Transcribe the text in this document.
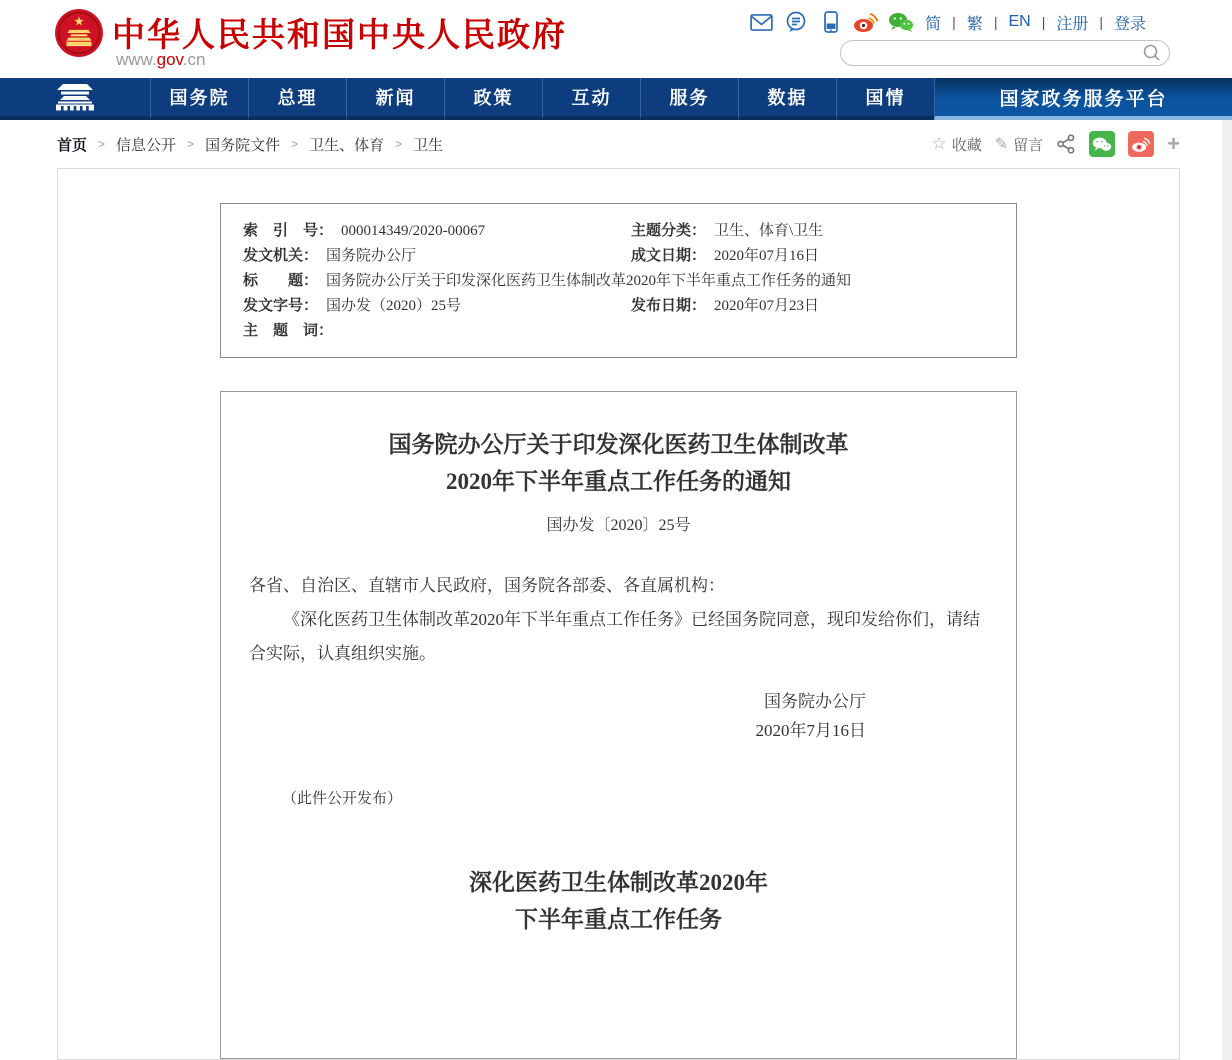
★ 中华人民共和国中央人民政府
www.gov.cn
简 | 繁 | EN | 注册 | 登录
国务院	总理	新闻	政策	互动	服务	数据	国情	国家政务服务平台
首页 > 信息公开 > 国务院文件 > 卫生、体育 > 卫生	☆ 收藏 ✎ 留言	+
索　引　号： 000014349/2020-00067	主题分类： 卫生、体育\卫生
发文机关： 国务院办公厅	成文日期： 2020年07月16日
标　　题： 国务院办公厅关于印发深化医药卫生体制改革2020年下半年重点工作任务的通知
发文字号： 国办发（2020）25号	发布日期： 2020年07月23日
主　题　词：
国务院办公厅关于印发深化医药卫生体制改革
2020年下半年重点工作任务的通知
国办发〔2020〕25号
各省、自治区、直辖市人民政府，国务院各部委、各直属机构：
《深化医药卫生体制改革2020年下半年重点工作任务》已经国务院同意，现印发给你们，请结合实际，认真组织实施。
国务院办公厅
2020年7月16日
（此件公开发布）
深化医药卫生体制改革2020年
下半年重点工作任务
